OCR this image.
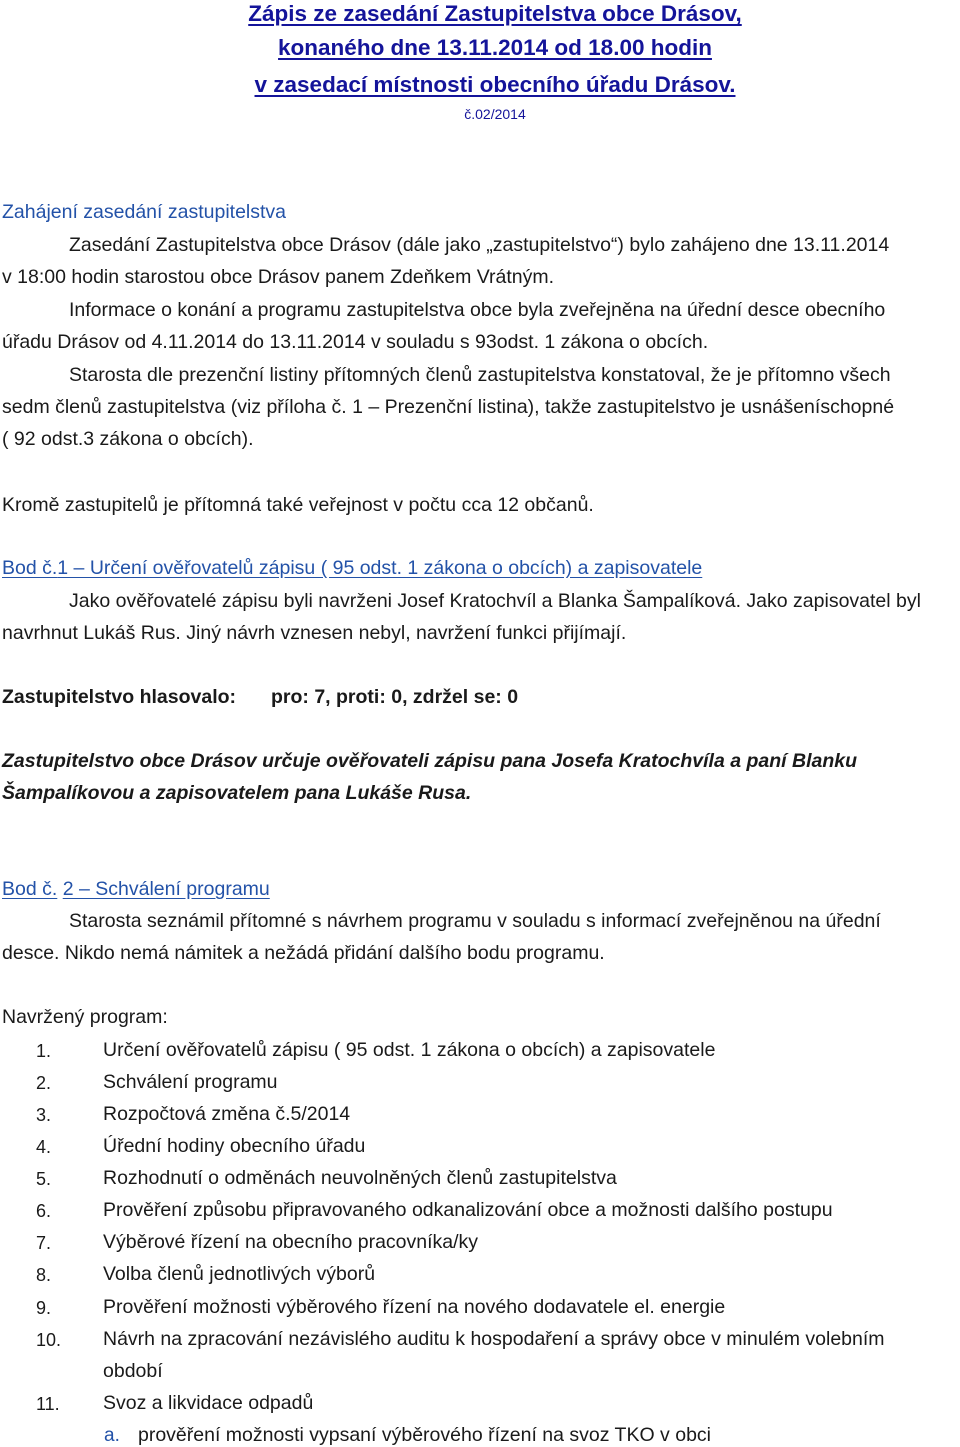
Zápis ze zasedání Zastupitelstva obce Drásov,
konaného dne 13.11.2014 od 18.00 hodin
v zasedací místnosti obecního úřadu Drásov.
č.02/2014
Zahájení zasedání zastupitelstva
Zasedání Zastupitelstva obce Drásov (dále jako „zastupitelstvo“) bylo zahájeno dne 13.11.2014
v 18:00 hodin starostou obce Drásov panem Zdeňkem Vrátným.
Informace o konání a programu zastupitelstva obce byla zveřejněna na úřední desce obecního
úřadu Drásov od 4.11.2014 do 13.11.2014 v souladu s 93odst. 1 zákona o obcích.
Starosta dle prezenční listiny přítomných členů zastupitelstva konstatoval, že je přítomno všech
sedm členů zastupitelstva (viz příloha č. 1 – Prezenční listina), takže zastupitelstvo je usnášeníschopné
( 92 odst.3 zákona o obcích).
Kromě zastupitelů je přítomná také veřejnost v počtu cca 12 občanů.
Bod č.1 – Určení ověřovatelů zápisu ( 95 odst. 1 zákona o obcích) a zapisovatele
Jako ověřovatelé zápisu byli navrženi Josef Kratochvíl a Blanka Šampalíková. Jako zapisovatel byl
navrhnut Lukáš Rus. Jiný návrh vznesen nebyl, navržení funkci přijímají.
Zastupitelstvo hlasovalo: pro: 7, proti: 0, zdržel se: 0
Zastupitelstvo obce Drásov určuje ověřovateli zápisu pana Josefa Kratochvíla a paní Blanku
Šampalíkovou a zapisovatelem pana Lukáše Rusa.
Bod č. 2 – Schválení programu
Starosta seznámil přítomné s návrhem programu v souladu s informací zveřejněnou na úřední
desce. Nikdo nemá námitek a nežádá přidání dalšího bodu programu.
Navržený program:
1.	Určení ověřovatelů zápisu ( 95 odst. 1 zákona o obcích) a zapisovatele
2.	Schválení programu
3.	Rozpočtová změna č.5/2014
4.	Úřední hodiny obecního úřadu
5.	Rozhodnutí o odměnách neuvolněných členů zastupitelstva
6.	Prověření způsobu připravovaného odkanalizování obce a možnosti dalšího postupu
7.	Výběrové řízení na obecního pracovníka/ky
8.	Volba členů jednotlivých výborů
9.	Prověření možnosti výběrového řízení na nového dodavatele el. energie
10. Návrh na zpracování nezávislého auditu k hospodaření a správy obce v minulém volebním
období
11. Svoz a likvidace odpadů
a. prověření možnosti vypsaní výběrového řízení na svoz TKO v obci
